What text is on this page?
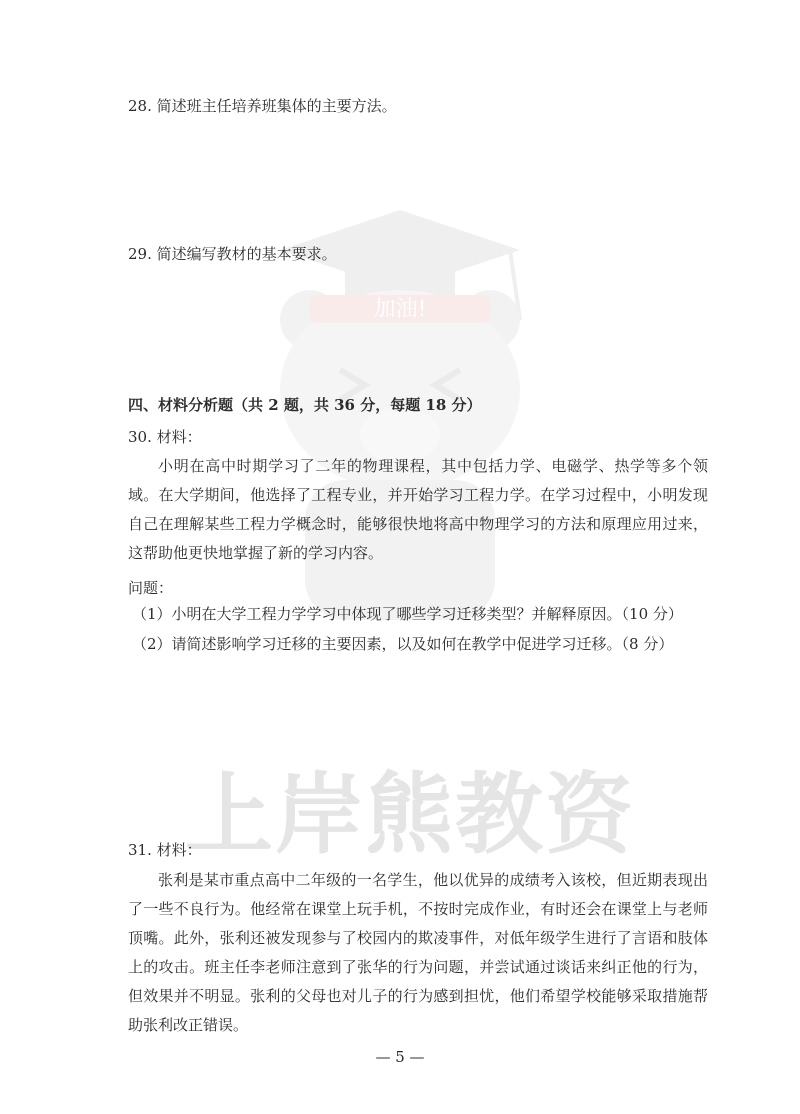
加油!
上岸熊教资
28. 简述班主任培养班集体的主要方法。
29. 简述编写教材的基本要求。
四、材料分析题（共 2 题，共 36 分，每题 18 分）
30. 材料：
小明在高中时期学习了二年的物理课程，其中包括力学、电磁学、热学等多个领域。在大学期间，他选择了工程专业，并开始学习工程力学。在学习过程中，小明发现自己在理解某些工程力学概念时，能够很快地将高中物理学习的方法和原理应用过来，这帮助他更快地掌握了新的学习内容。
问题：
（1）小明在大学工程力学学习中体现了哪些学习迁移类型？并解释原因。（10 分）
（2）请简述影响学习迁移的主要因素，以及如何在教学中促进学习迁移。（8 分）
31. 材料：
张利是某市重点高中二年级的一名学生，他以优异的成绩考入该校，但近期表现出了一些不良行为。他经常在课堂上玩手机，不按时完成作业，有时还会在课堂上与老师顶嘴。此外，张利还被发现参与了校园内的欺凌事件，对低年级学生进行了言语和肢体上的攻击。班主任李老师注意到了张华的行为问题，并尝试通过谈话来纠正他的行为，但效果并不明显。张利的父母也对儿子的行为感到担忧，他们希望学校能够采取措施帮助张利改正错误。
— 5 —
